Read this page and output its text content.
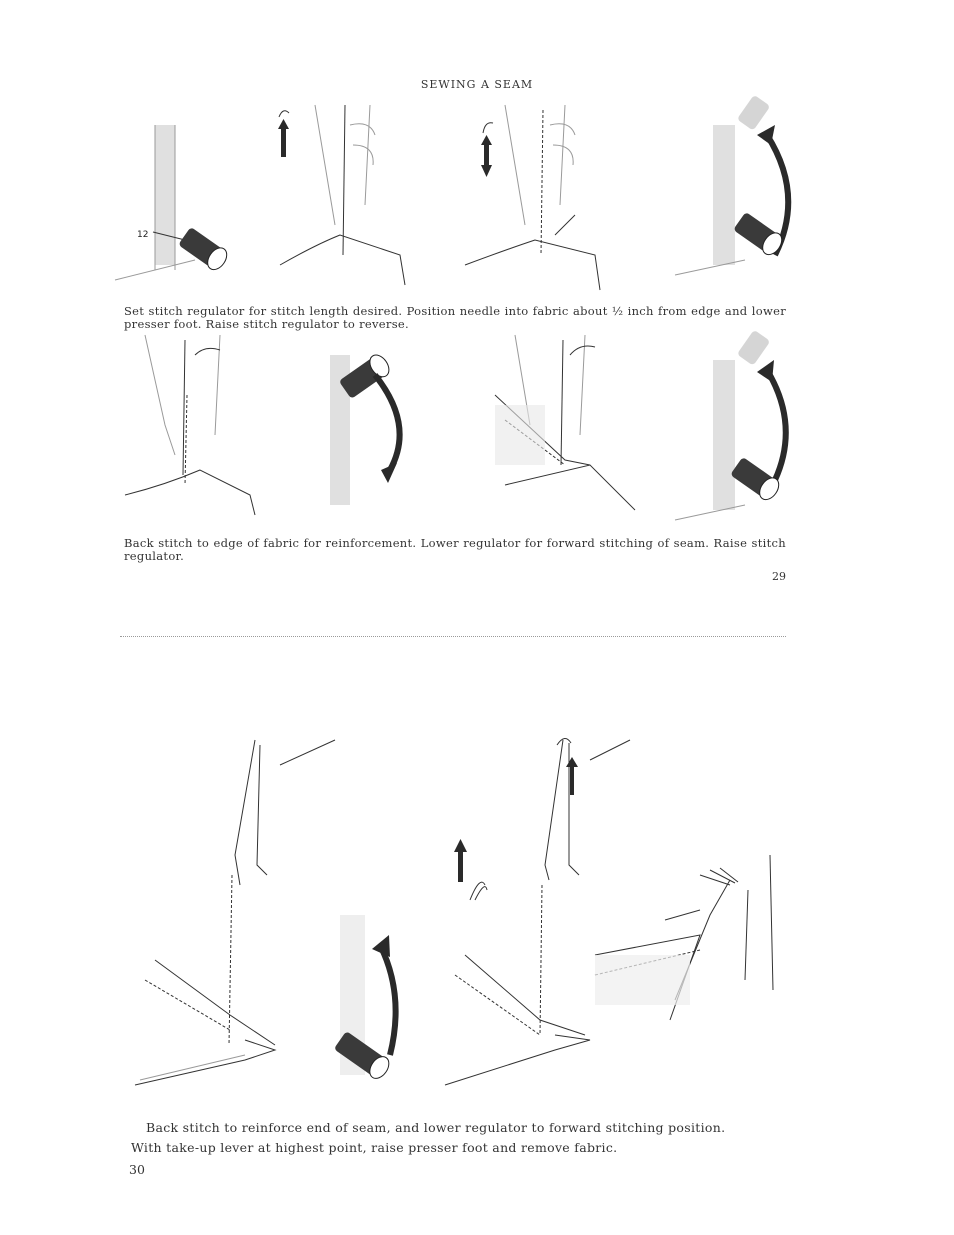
SEWING A SEAM
12
Set stitch regulator for stitch length desired. Position needle into fabric about ½ inch from edge and lower presser foot. Raise stitch regulator to reverse.
Back stitch to edge of fabric for reinforcement. Lower regulator for forward stitching of seam. Raise stitch regulator.
29
Back stitch to reinforce end of seam, and lower regulator to forward stitching position.
With take-up lever at highest point, raise presser foot and remove fabric.
30
